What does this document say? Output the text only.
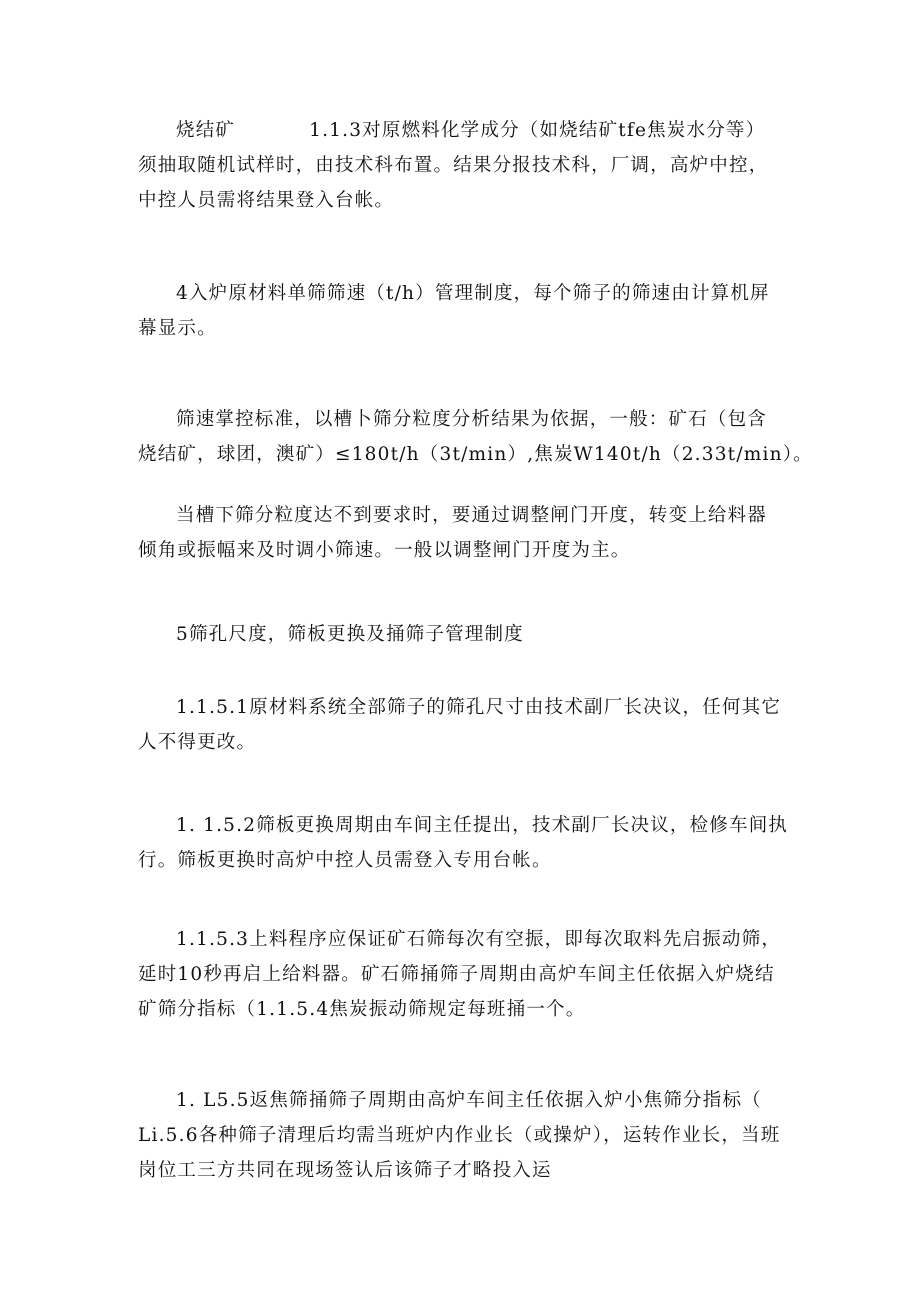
烧结矿	1.1.3对原燃料化学成分（如烧结矿tfe焦炭水分等）
须抽取随机试样时，由技术科布置。结果分报技术科，厂调，高炉中控，
中控人员需将结果登入台帐。
4入炉原材料单筛筛速（t/h）管理制度，每个筛子的筛速由计算机屏
幕显示。
筛速掌控标准，以槽卜筛分粒度分析结果为依据，一般：矿石（包含
烧结矿，球团，澳矿）≤180t/h（3t/min）,焦炭W140t/h（2.33t/min）。
当槽下筛分粒度达不到要求时，要通过调整闸门开度，转变上给料器
倾角或振幅来及时调小筛速。一般以调整闸门开度为主。
5筛孔尺度，筛板更换及捅筛子管理制度
1.1.5.1原材料系统全部筛子的筛孔尺寸由技术副厂长决议，任何其它
人不得更改。
1. 1.5.2筛板更换周期由车间主任提出，技术副厂长决议，检修车间执
行。筛板更换时高炉中控人员需登入专用台帐。
1.1.5.3上料程序应保证矿石筛每次有空振，即每次取料先启振动筛，
延时10秒再启上给料器。矿石筛捅筛子周期由高炉车间主任依据入炉烧结
矿筛分指标（1.1.5.4焦炭振动筛规定每班捅一个。
1. L5.5返焦筛捅筛子周期由高炉车间主任依据入炉小焦筛分指标（
Li.5.6各种筛子清理后均需当班炉内作业长（或操炉），运转作业长，当班
岗位工三方共同在现场签认后该筛子才略投入运
